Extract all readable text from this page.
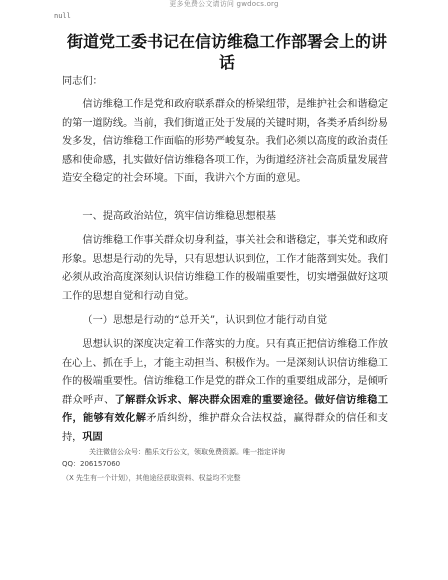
更多免费公文请访问 gwdocs.org
null
街道党工委书记在信访维稳工作部署会上的讲话

同志们：

信访维稳工作是党和政府联系群众的桥梁纽带，是维护社会和谐稳定的第一道防线。当前，我们街道正处于发展的关键时期，各类矛盾纠纷易发多发，信访维稳工作面临的形势严峻复杂。我们必须以高度的政治责任感和使命感，扎实做好信访维稳各项工作，为街道经济社会高质量发展营造安全稳定的社会环境。下面，我讲六个方面的意见。

一、提高政治站位，筑牢信访维稳思想根基

信访维稳工作事关群众切身利益，事关社会和谐稳定，事关党和政府形象。思想是行动的先导，只有思想认识到位，工作才能落到实处。我们必须从政治高度深刻认识信访维稳工作的极端重要性，切实增强做好这项工作的思想自觉和行动自觉。

（一）思想是行动的“总开关”，认识到位才能行动自觉

思想认识的深度决定着工作落实的力度。只有真正把信访维稳工作放在心上、抓在手上，才能主动担当、积极作为。一是深刻认识信访维稳工作的极端重要性。信访维稳工作是党的群众工作的重要组成部分，是倾听群众呼声、了解群众诉求、解决群众困难的重要途径。做好信访维稳工作，能够有效化解矛盾纠纷，维护群众合法权益，赢得群众的信任和支持，巩固

关注微信公众号：酷乐文行公文，领取免费资源。唯一指定详询
QQ：206157060
（X 先生有一个计划），其他途径获取资料、权益均不完整
